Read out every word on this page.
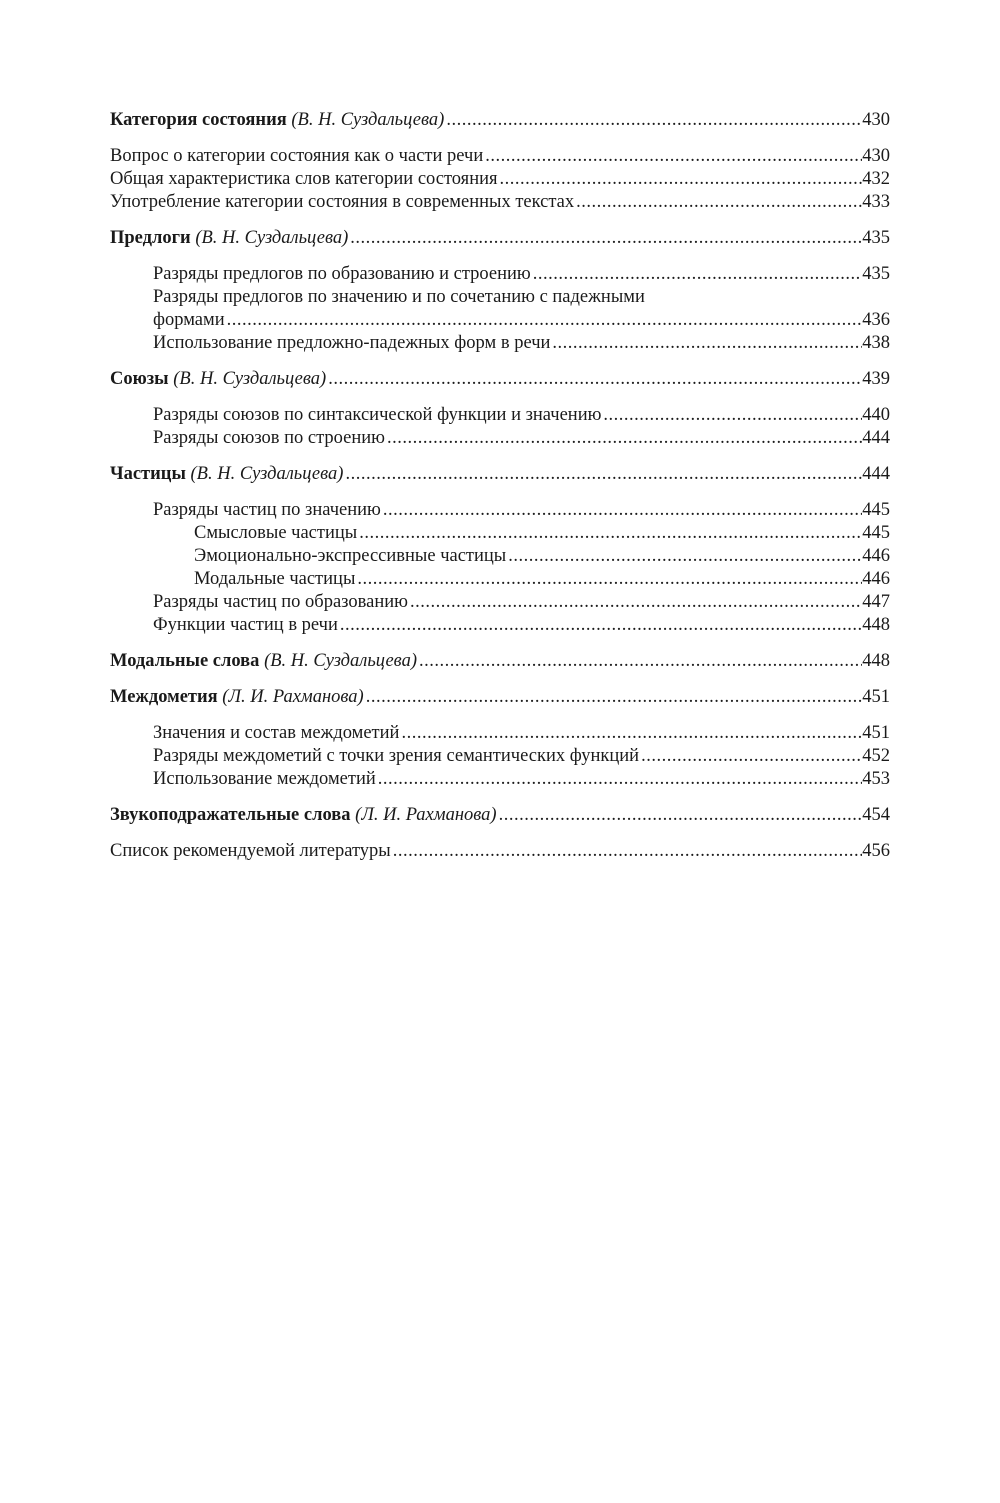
Категория состояния (В. Н. Суздальцева) .....	430
Вопрос о категории состояния как о части речи .....	430
Общая характеристика слов категории состояния .....	432
Употребление категории состояния в современных текстах .....	433
Предлоги (В. Н. Суздальцева) .....	435
Разряды предлогов по образованию и строению .....	435
Разряды предлогов по значению и по сочетанию с падежными
формами .....	436
Использование предложно-падежных форм в речи .....	438
Союзы (В. Н. Суздальцева) .....	439
Разряды союзов по синтаксической функции и значению .....	440
Разряды союзов по строению .....	444
Частицы (В. Н. Суздальцева) .....	444
Разряды частиц по значению .....	445
Смысловые частицы .....	445
Эмоционально-экспрессивные частицы .....	446
Модальные частицы .....	446
Разряды частиц по образованию .....	447
Функции частиц в речи .....	448
Модальные слова (В. Н. Суздальцева) .....	448
Междометия (Л. И. Рахманова) .....	451
Значения и состав междометий .....	451
Разряды междометий с точки зрения семантических функций .....	452
Использование междометий .....	453
Звукоподражательные слова (Л. И. Рахманова) .....	454
Список рекомендуемой литературы .....	456
